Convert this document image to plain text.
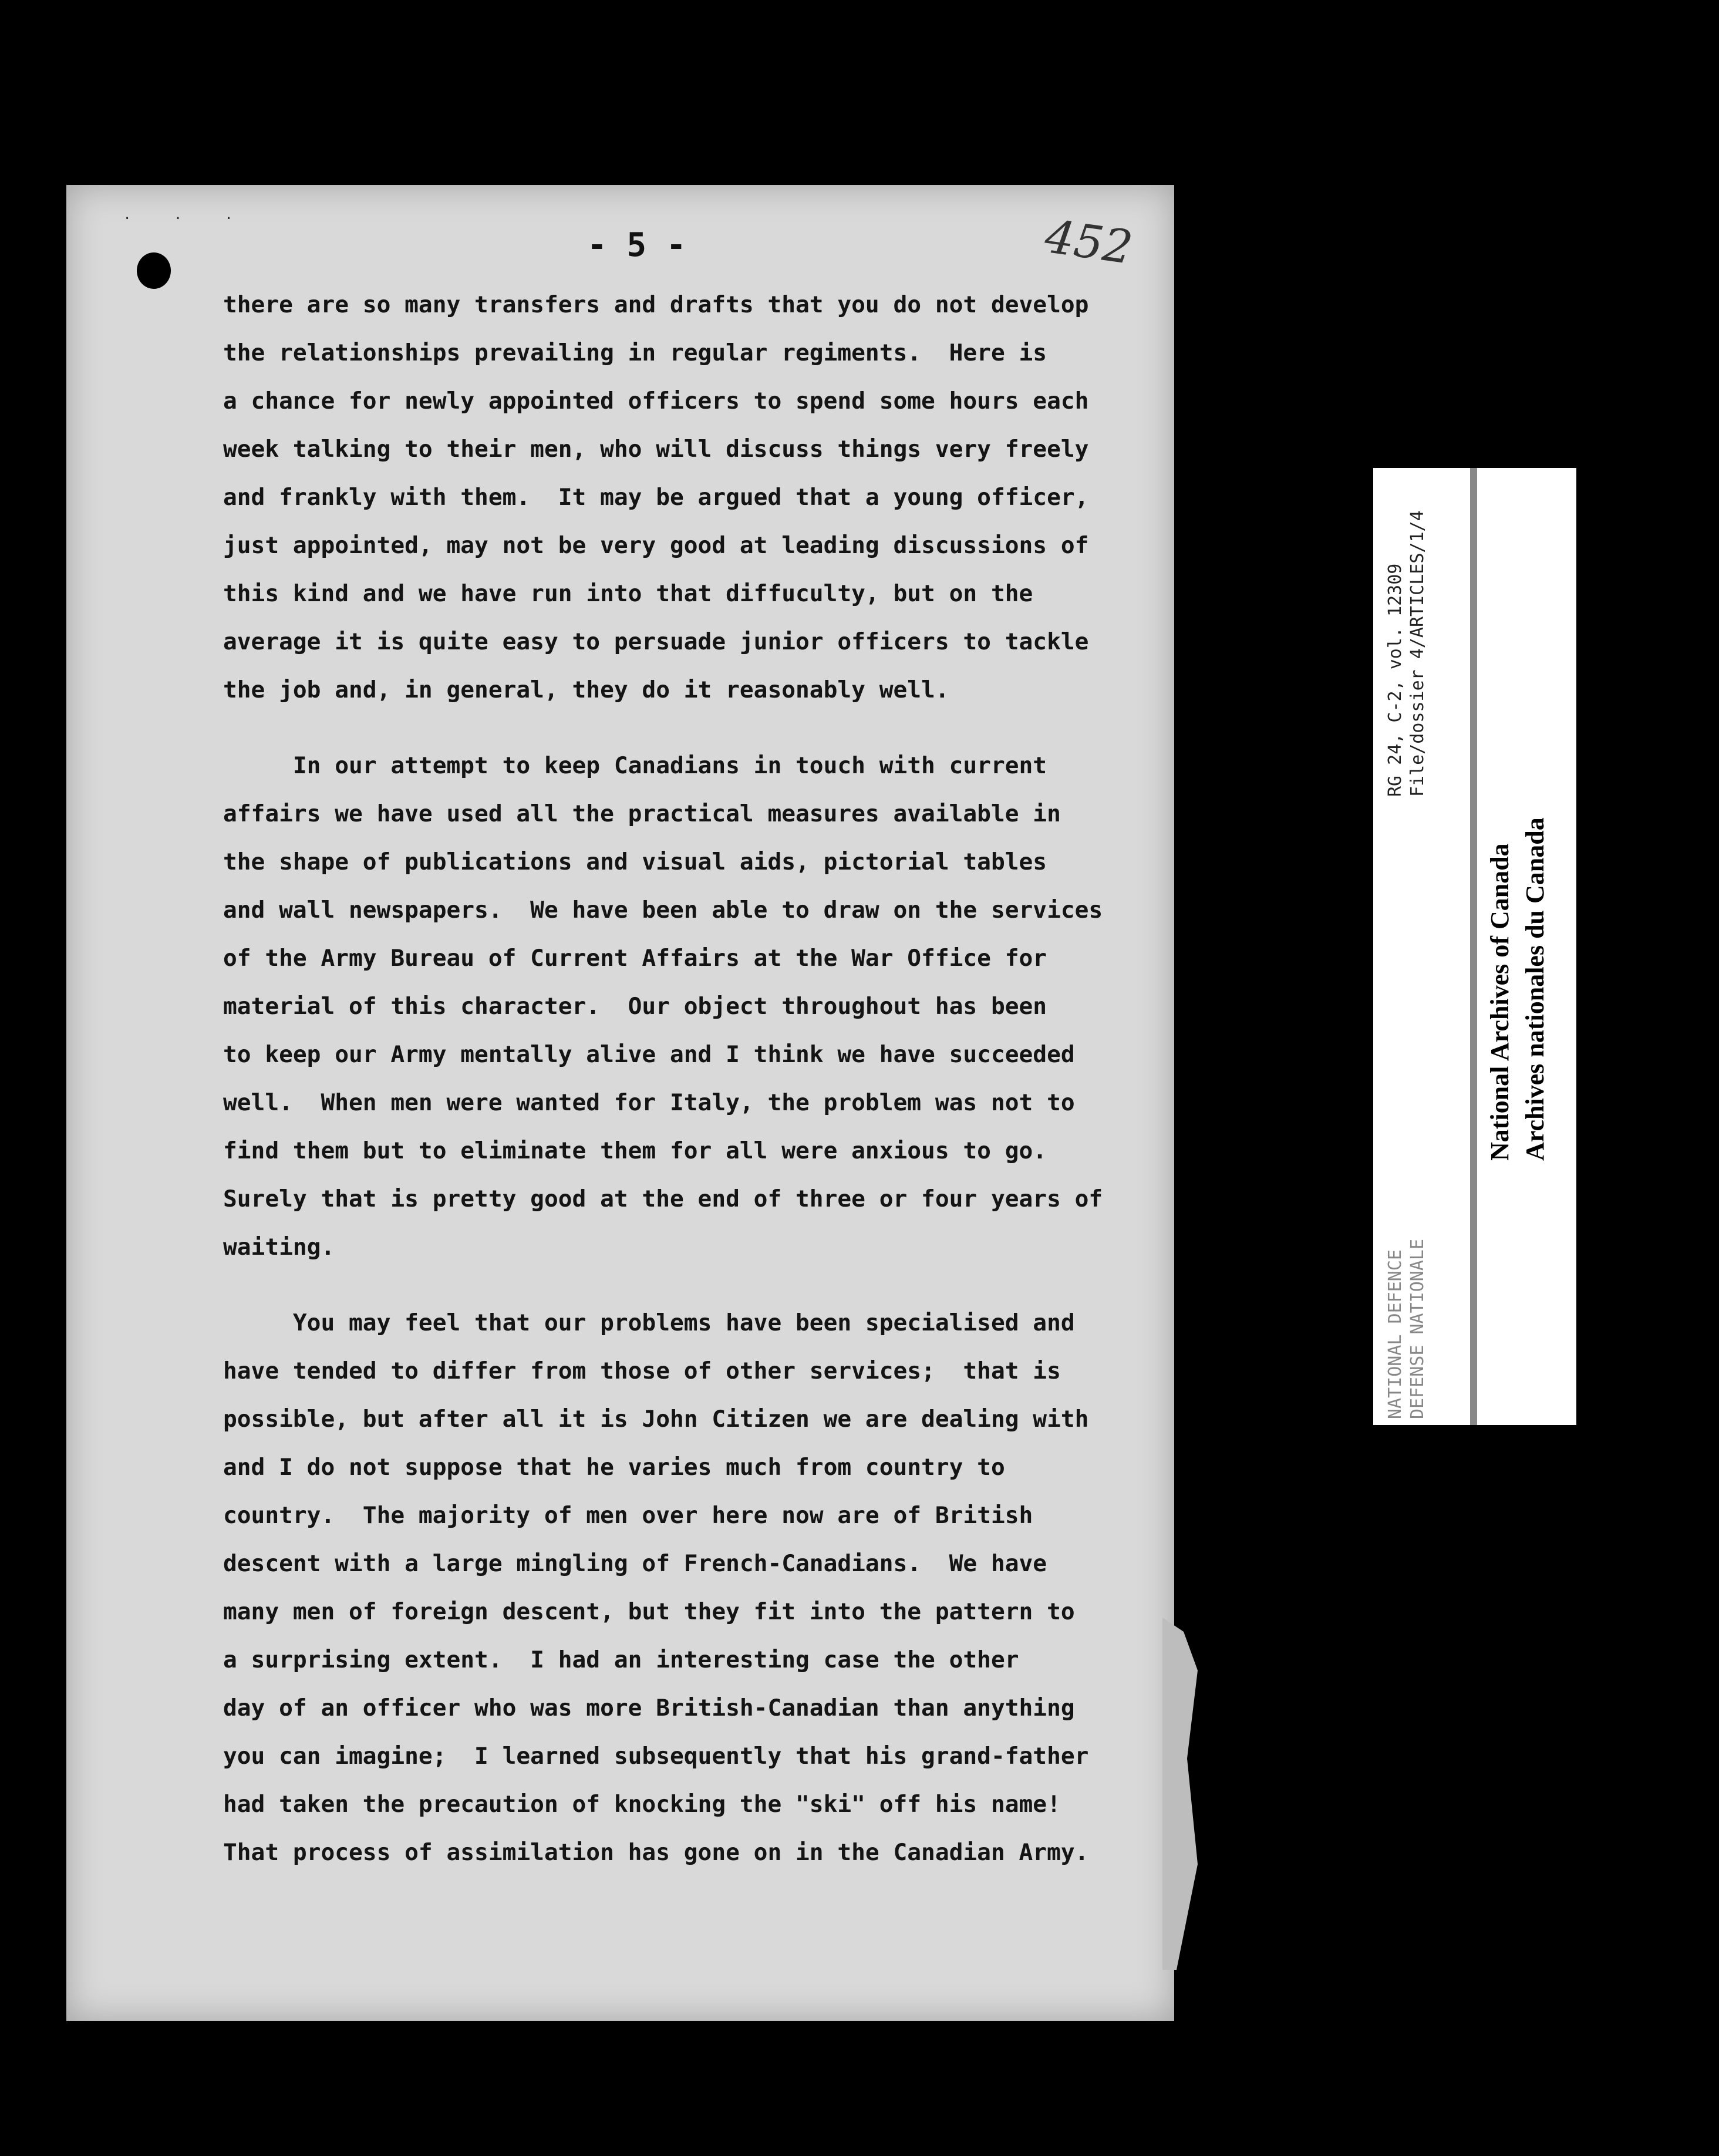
· · ·
- 5 -	452
there are so many transfers and drafts that you do not develop
the relationships prevailing in regular regiments.  Here is
a chance for newly appointed officers to spend some hours each
week talking to their men, who will discuss things very freely
and frankly with them.  It may be argued that a young officer,
just appointed, may not be very good at leading discussions of
this kind and we have run into that diffuculty, but on the
average it is quite easy to persuade junior officers to tackle
the job and, in general, they do it reasonably well.
In our attempt to keep Canadians in touch with current
affairs we have used all the practical measures available in
the shape of publications and visual aids, pictorial tables
and wall newspapers.  We have been able to draw on the services
of the Army Bureau of Current Affairs at the War Office for
material of this character.  Our object throughout has been
to keep our Army mentally alive and I think we have succeeded
well.  When men were wanted for Italy, the problem was not to
find them but to eliminate them for all were anxious to go.
Surely that is pretty good at the end of three or four years of
waiting.
You may feel that our problems have been specialised and
have tended to differ from those of other services;  that is
possible, but after all it is John Citizen we are dealing with
and I do not suppose that he varies much from country to
country.  The majority of men over here now are of British
descent with a large mingling of French-Canadians.  We have
many men of foreign descent, but they fit into the pattern to
a surprising extent.  I had an interesting case the other
day of an officer who was more British-Canadian than anything
you can imagine;  I learned subsequently that his grand-father
had taken the precaution of knocking the "ski" off his name!
That process of assimilation has gone on in the Canadian Army.
RG 24, C-2, vol. 12309 File/dossier 4/ARTICLES/1/4
NATIONAL DEFENCE DEFENSE NATIONALE
National Archives of Canada Archives nationales du Canada
